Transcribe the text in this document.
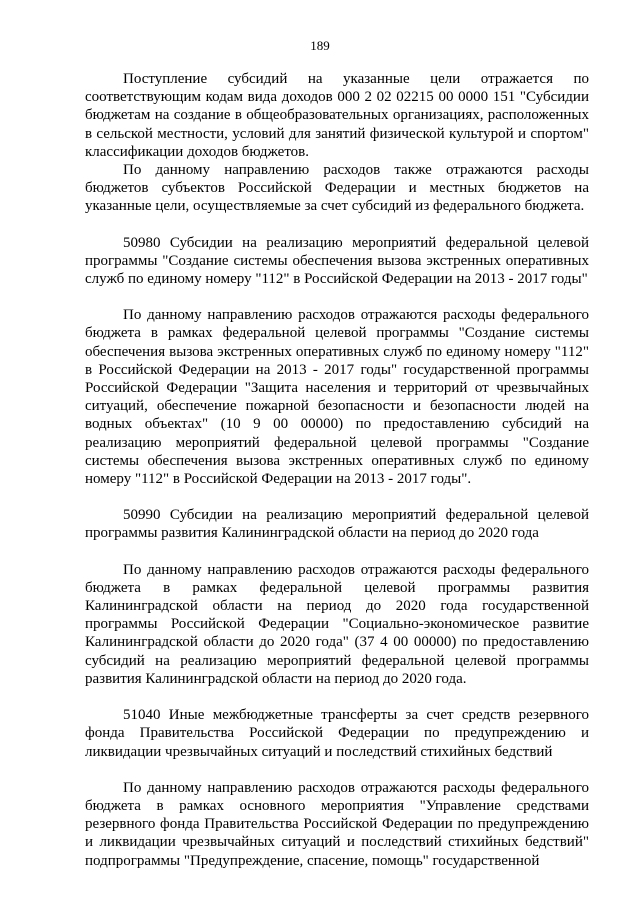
189

Поступление субсидий на указанные цели отражается по соответствующим кодам вида доходов 000 2 02 02215 00 0000 151 "Субсидии бюджетам на создание в общеобразовательных организациях, расположенных в сельской местности, условий для занятий физической культурой и спортом" классификации доходов бюджетов.

По данному направлению расходов также отражаются расходы бюджетов субъектов Российской Федерации и местных бюджетов на указанные цели, осуществляемые за счет субсидий из федерального бюджета.

50980 Субсидии на реализацию мероприятий федеральной целевой программы "Создание системы обеспечения вызова экстренных оперативных служб по единому номеру "112" в Российской Федерации на 2013 - 2017 годы"

По данному направлению расходов отражаются расходы федерального бюджета в рамках федеральной целевой программы "Создание системы обеспечения вызова экстренных оперативных служб по единому номеру "112" в Российской Федерации на 2013 - 2017 годы" государственной программы Российской Федерации "Защита населения и территорий от чрезвычайных ситуаций, обеспечение пожарной безопасности и безопасности людей на водных объектах" (10 9 00 00000) по предоставлению субсидий на реализацию мероприятий федеральной целевой программы "Создание системы обеспечения вызова экстренных оперативных служб по единому номеру "112" в Российской Федерации на 2013 - 2017 годы".

50990 Субсидии на реализацию мероприятий федеральной целевой программы развития Калининградской области на период до 2020 года

По данному направлению расходов отражаются расходы федерального бюджета в рамках федеральной целевой программы развития Калининградской области на период до 2020 года государственной программы Российской Федерации "Социально-экономическое развитие Калининградской области до 2020 года" (37 4 00 00000) по предоставлению субсидий на реализацию мероприятий федеральной целевой программы развития Калининградской области на период до 2020 года.

51040 Иные межбюджетные трансферты за счет средств резервного фонда Правительства Российской Федерации по предупреждению и ликвидации чрезвычайных ситуаций и последствий стихийных бедствий

По данному направлению расходов отражаются расходы федерального бюджета в рамках основного мероприятия "Управление средствами резервного фонда Правительства Российской Федерации по предупреждению и ликвидации чрезвычайных ситуаций и последствий стихийных бедствий" подпрограммы "Предупреждение, спасение, помощь" государственной
